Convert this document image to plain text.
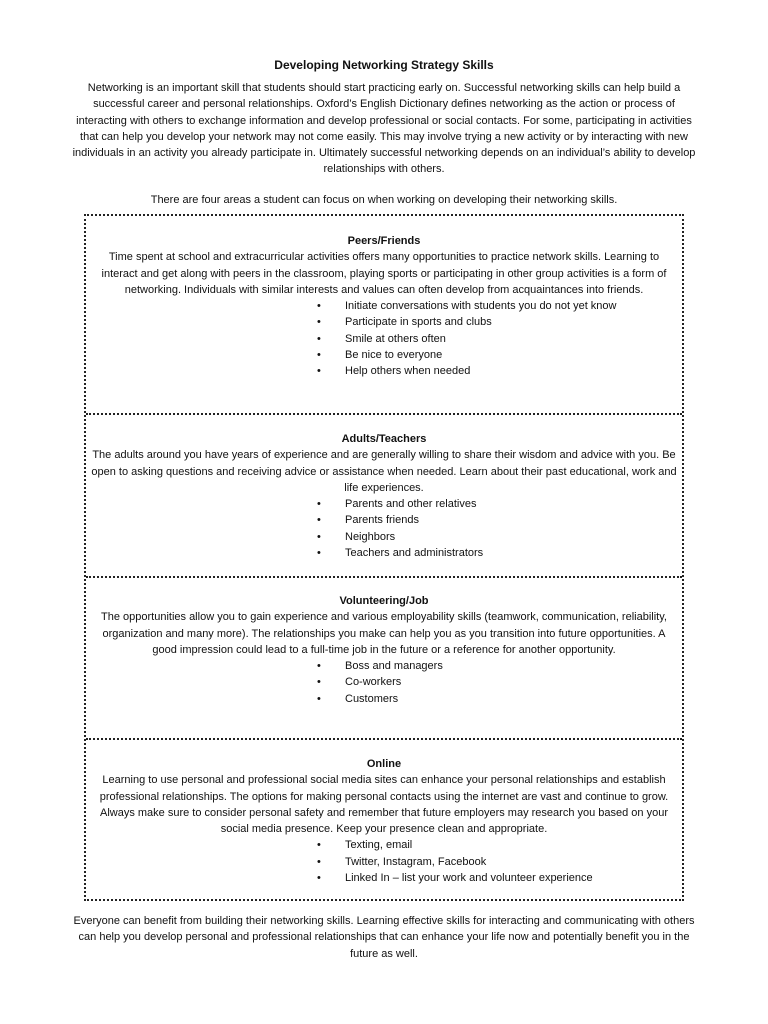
Developing Networking Strategy Skills

Networking is an important skill that students should start practicing early on. Successful networking skills can help build a successful career and personal relationships. Oxford’s English Dictionary defines networking as the action or process of interacting with others to exchange information and develop professional or social contacts. For some, participating in activities that can help you develop your network may not come easily. This may involve trying a new activity or by interacting with new individuals in an activity you already participate in. Ultimately successful networking depends on an individual’s ability to develop relationships with others.

There are four areas a student can focus on when working on developing their networking skills.

Peers/Friends

Time spent at school and extracurricular activities offers many opportunities to practice network skills. Learning to interact and get along with peers in the classroom, playing sports or participating in other group activities is a form of networking. Individuals with similar interests and values can often develop from acquaintances into friends.

• Initiate conversations with students you do not yet know
• Participate in sports and clubs
• Smile at others often
• Be nice to everyone
• Help others when needed
Adults/Teachers

The adults around you have years of experience and are generally willing to share their wisdom and advice with you. Be open to asking questions and receiving advice or assistance when needed. Learn about their past educational, work and life experiences.

• Parents and other relatives
• Parents friends
• Neighbors
• Teachers and administrators
Volunteering/Job

The opportunities allow you to gain experience and various employability skills (teamwork, communication, reliability, organization and many more). The relationships you make can help you as you transition into future opportunities. A good impression could lead to a full-time job in the future or a reference for another opportunity.

• Boss and managers
• Co-workers
• Customers
Online

Learning to use personal and professional social media sites can enhance your personal relationships and establish professional relationships. The options for making personal contacts using the internet are vast and continue to grow. Always make sure to consider personal safety and remember that future employers may research you based on your social media presence. Keep your presence clean and appropriate.

• Texting, email
• Twitter, Instagram, Facebook
• Linked In – list your work and volunteer experience

Everyone can benefit from building their networking skills. Learning effective skills for interacting and communicating with others can help you develop personal and professional relationships that can enhance your life now and potentially benefit you in the future as well.
